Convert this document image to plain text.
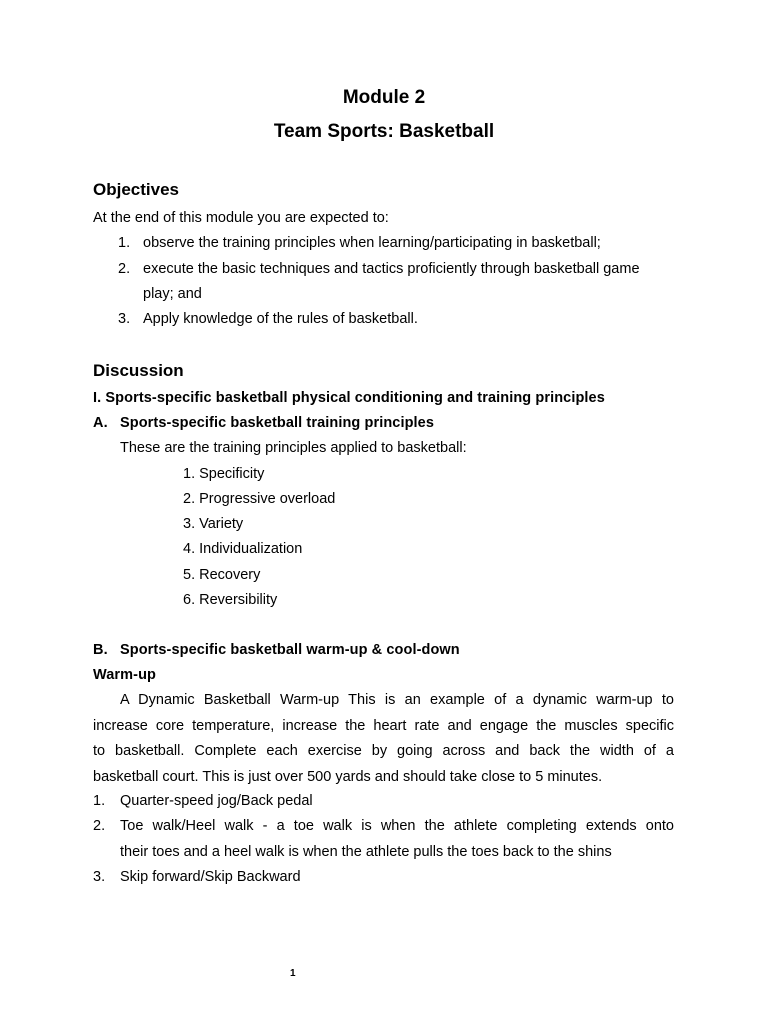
Module 2
Team Sports: Basketball
Objectives
At the end of this module you are expected to:
1. observe the training principles when learning/participating in basketball;
2. execute the basic techniques and tactics proficiently through basketball game
play; and
3. Apply knowledge of the rules of basketball.
Discussion
I. Sports-specific basketball physical conditioning and training principles
A. Sports-specific basketball training principles
These are the training principles applied to basketball:
1. Specificity
2. Progressive overload
3. Variety
4. Individualization
5. Recovery
6. Reversibility
B. Sports-specific basketball warm-up & cool-down
Warm-up
A Dynamic Basketball Warm-up This is an example of a dynamic warm-up to
increase core temperature, increase the heart rate and engage the muscles specific
to basketball. Complete each exercise by going across and back the width of a
basketball court. This is just over 500 yards and should take close to 5 minutes.
1. Quarter-speed jog/Back pedal
2. Toe walk/Heel walk - a toe walk is when the athlete completing extends onto
their toes and a heel walk is when the athlete pulls the toes back to the shins
3. Skip forward/Skip Backward
1
